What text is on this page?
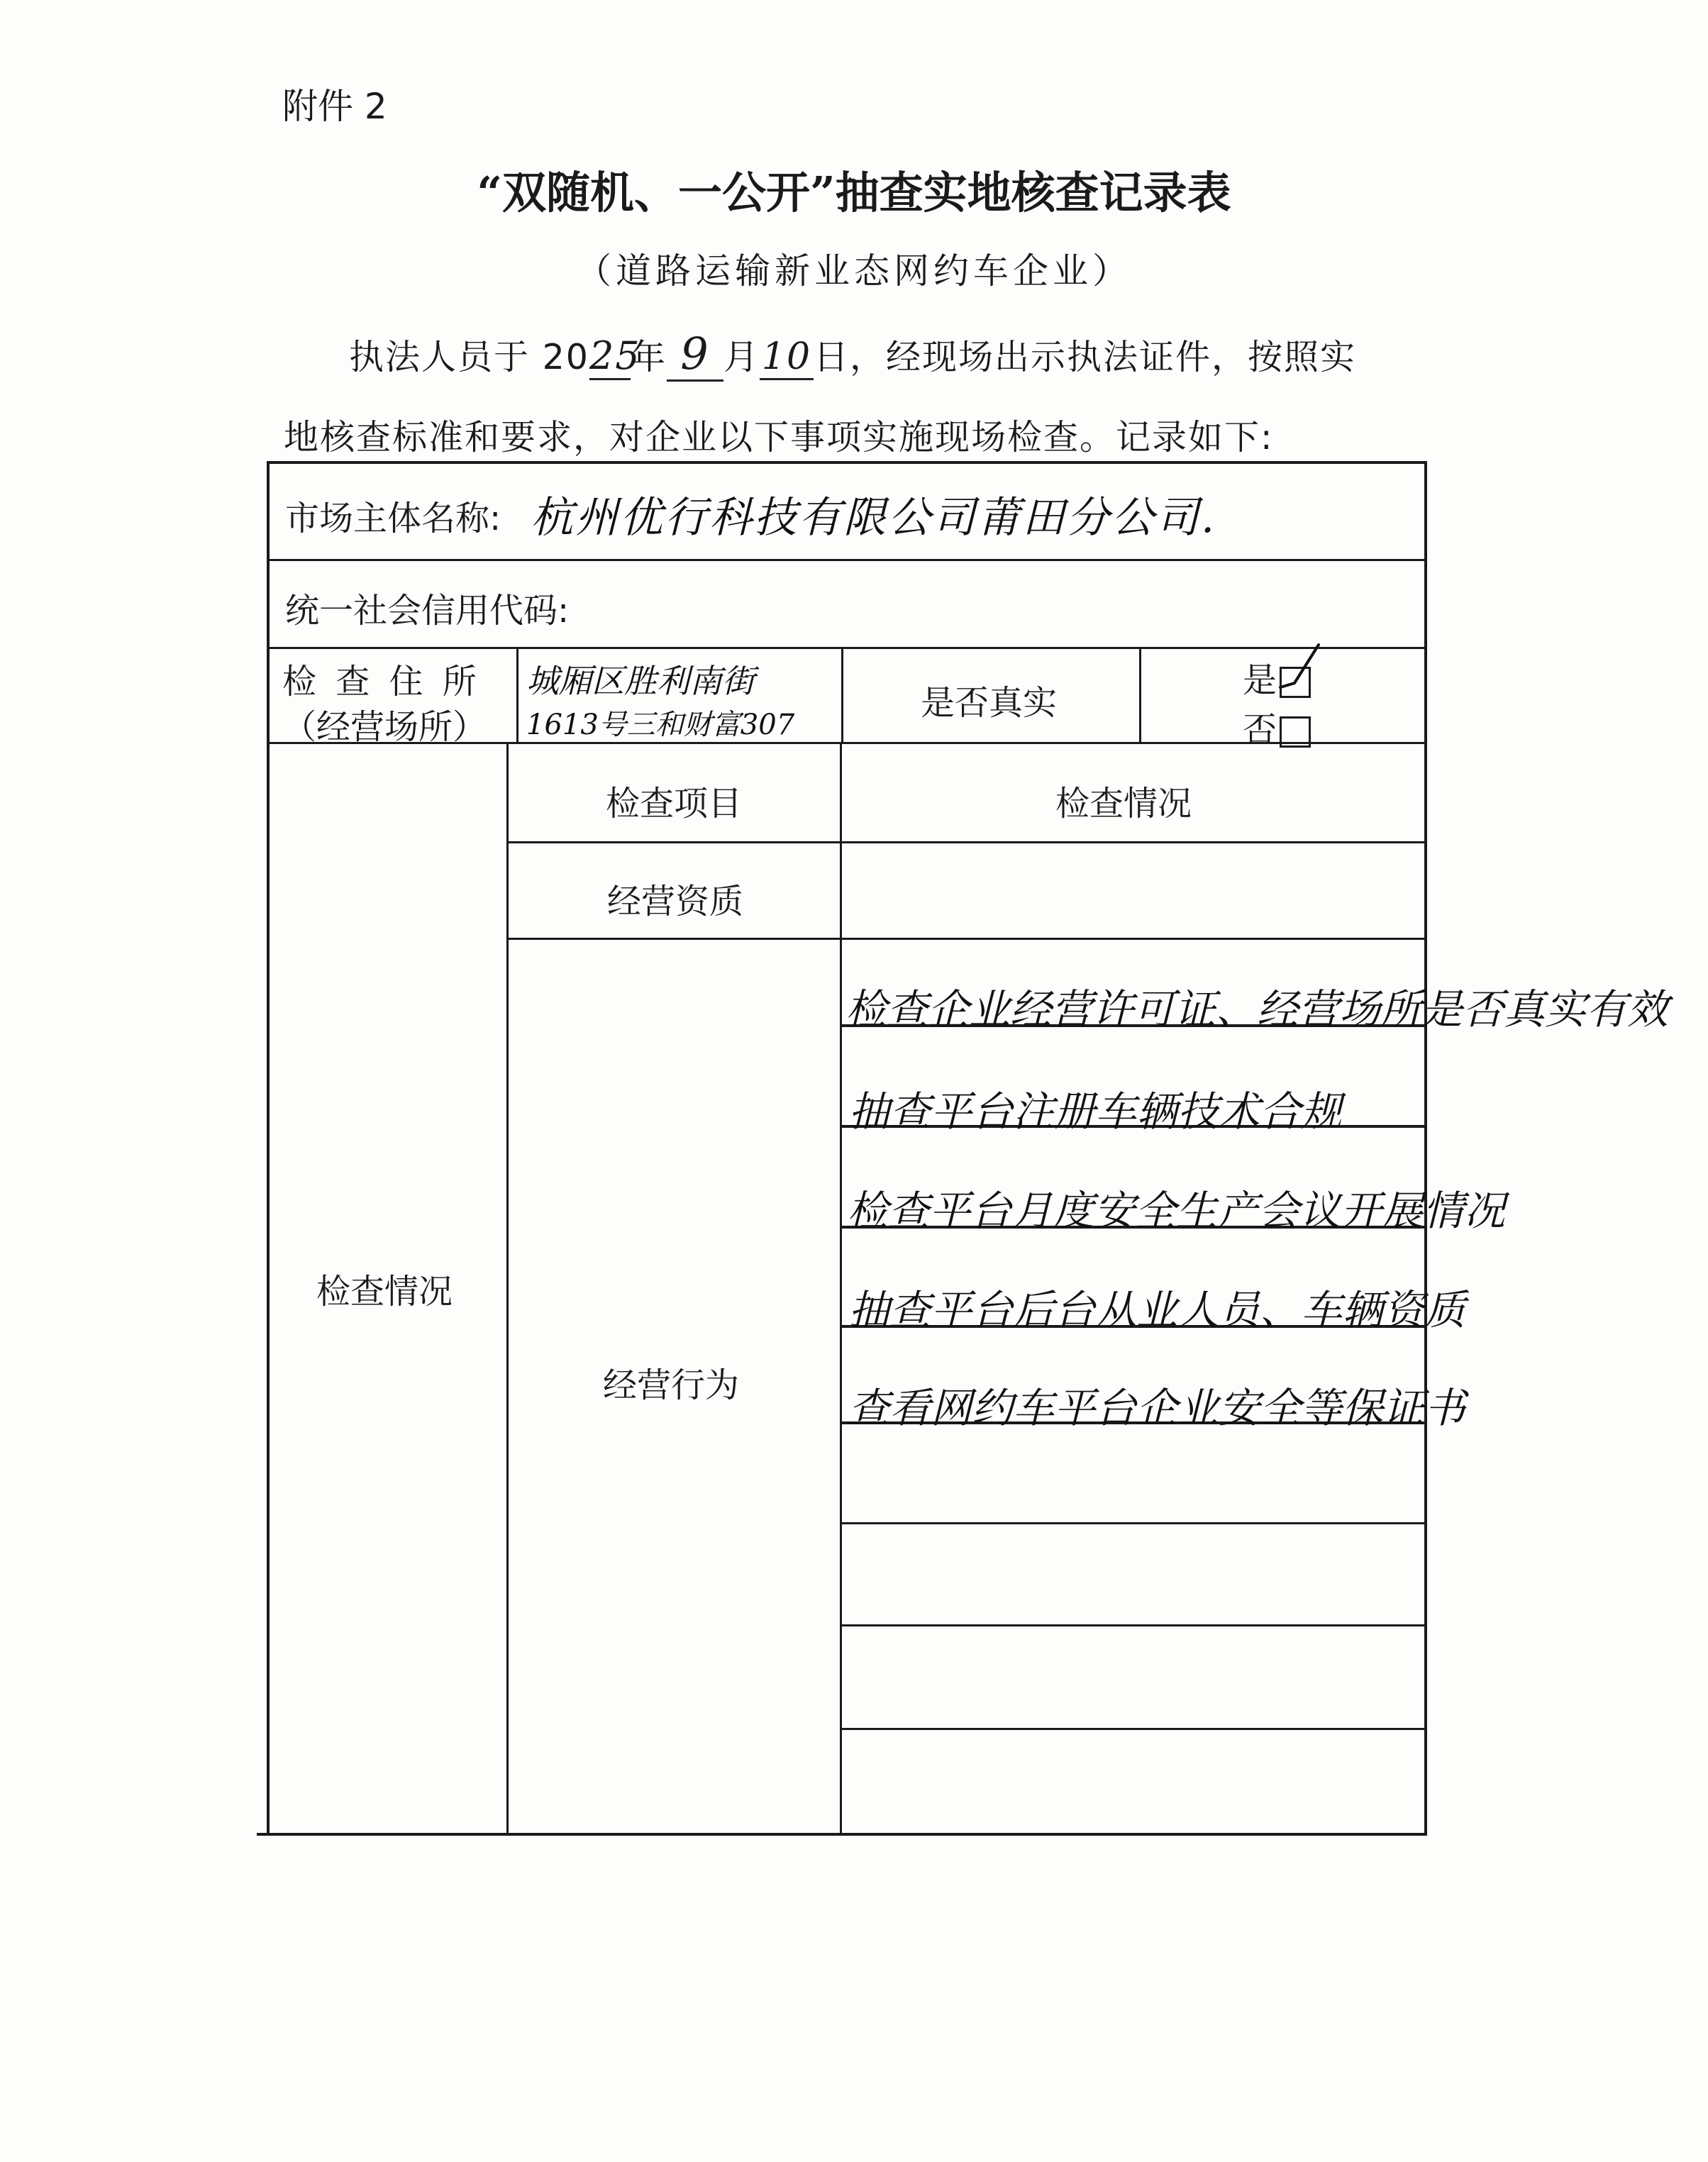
附件 2
“双随机、一公开”抽查实地核查记录表
（道路运输新业态网约车企业）
执法人员于 2025年 9 月10日，经现场出示执法证件，按照实
地核查标准和要求，对企业以下事项实施现场检查。记录如下:
市场主体名称: 杭州优行科技有限公司莆田分公司.
统一社会信用代码:
检 查 住 所
（经营场所）
城厢区胜利南街
1613号三和财富307
是否真实
是
否
检查情况
检查项目	检查情况
经营资质
经营行为
检查企业经营许可证、经营场所是否真实有效
抽查平台注册车辆技术合规
检查平台月度安全生产会议开展情况
抽查平台后台从业人员、车辆资质
查看网约车平台企业安全等保证书
